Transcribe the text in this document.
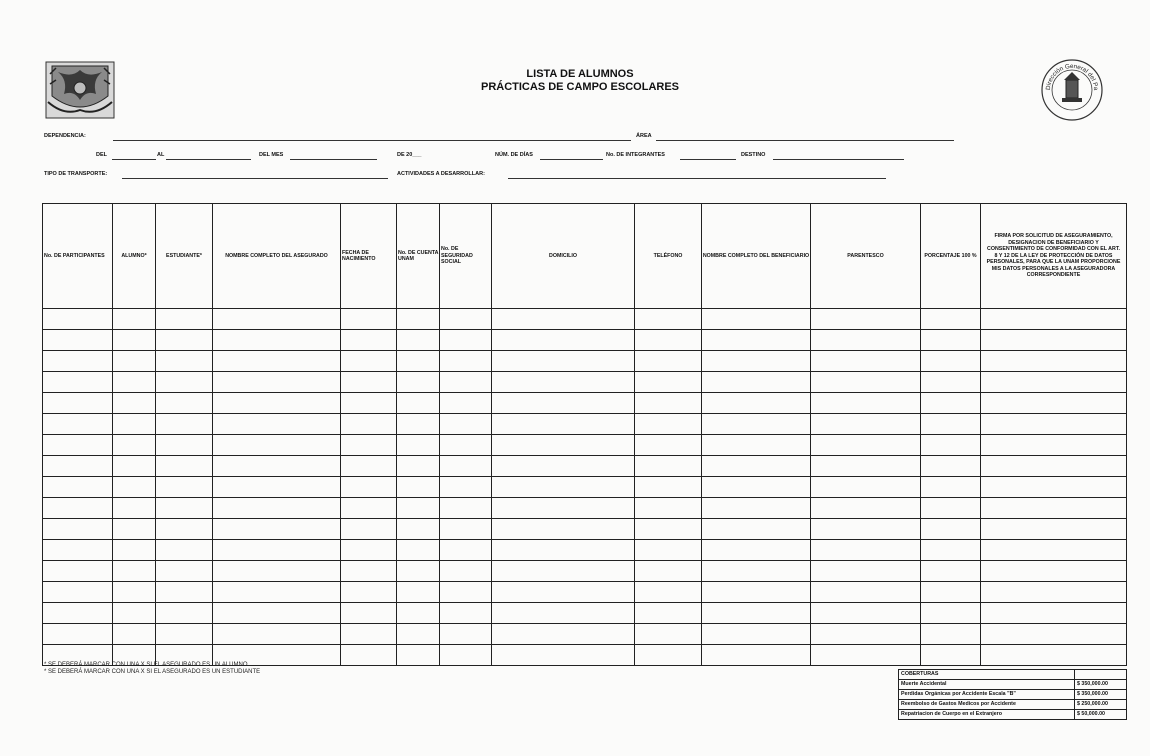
LISTA DE ALUMNOS
PRÁCTICAS DE CAMPO ESCOLARES	Dirección General del Pa
DEPENDENCIA:	ÁREA
DEL	AL	DEL MES	DE 20___	NÚM. DE DÍAS	No. DE INTEGRANTES	DESTINO
TIPO DE TRANSPORTE:	ACTIVIDADES A DESARROLLAR:
No. DE PARTICIPANTES	ALUMNO*	ESTUDIANTE*	NOMBRE COMPLETO DEL ASEGURADO	FECHA DE NACIMIENTO	No. DE CUENTA UNAM	No. DE SEGURIDAD SOCIAL	DOMICILIO	TELÉFONO	NOMBRE COMPLETO DEL BENEFICIARIO	PARENTESCO	PORCENTAJE 100 %	FIRMA POR SOLICITUD DE ASEGURAMIENTO, DESIGNACION DE BENEFICIARIO Y CONSENTIMIENTO DE CONFORMIDAD CON EL ART. 8 Y 12 DE LA LEY DE PROTECCIÓN DE DATOS PERSONALES, PARA QUE LA UNAM PROPORCIONE MIS DATOS PERSONALES A LA ASEGURADORA CORRESPONDIENTE

* SE DEBERÁ MARCAR CON UNA X SI EL ASEGURADO ES UN ALUMNO
* SE DEBERÁ MARCAR CON UNA X SI EL ASEGURADO ES UN ESTUDIANTE	COBERTURAS	
Muerte Accidental	$ 350,000.00
Perdidas Orgánicas por Accidente Escala "B"	$ 350,000.00
Reembolso de Gastos Medicos por Accidente	$ 250,000.00
Repatriacion de Cuerpo en el Extranjero	$ 50,000.00
